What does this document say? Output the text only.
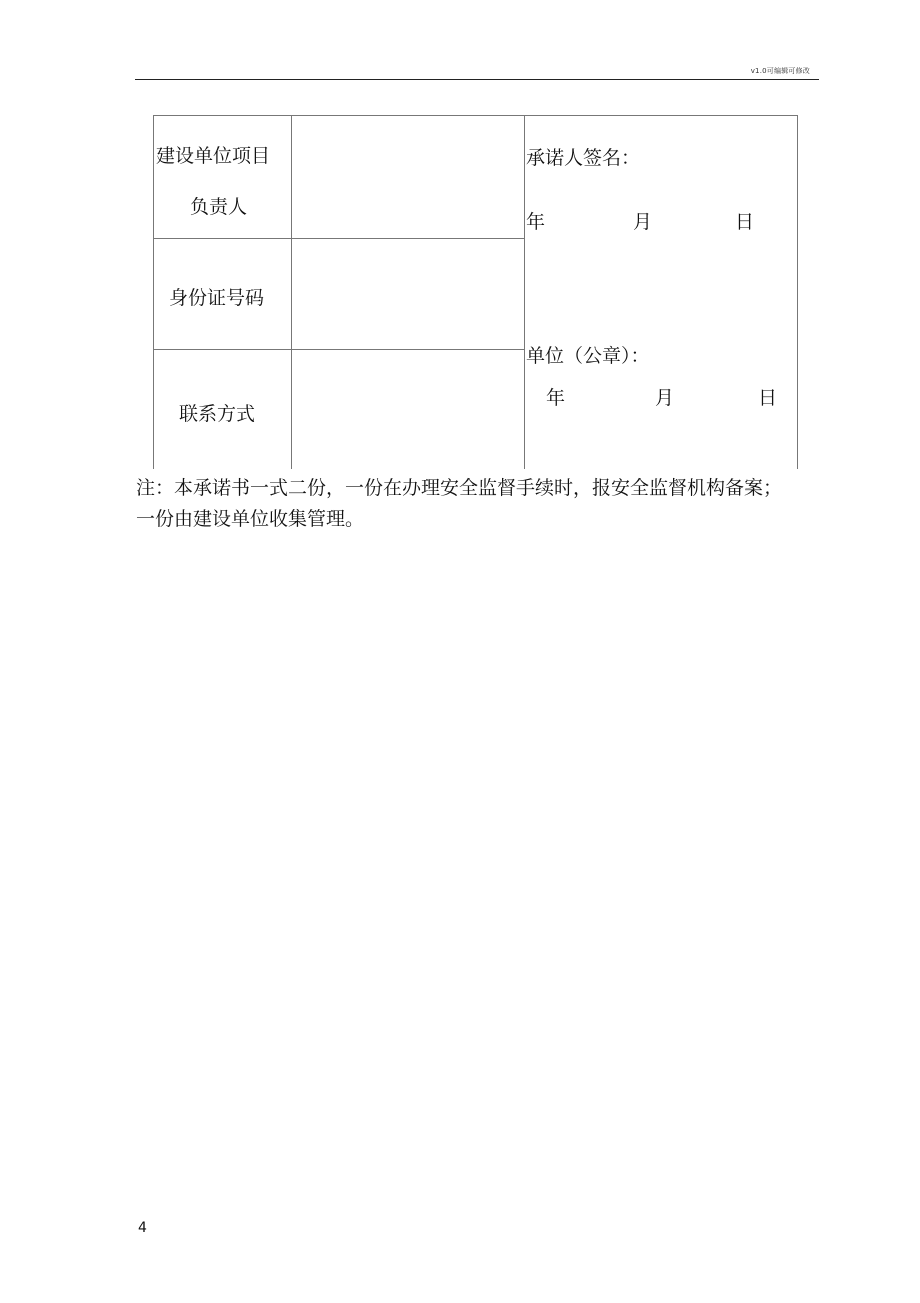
v1.0可编辑可修改
建设单位项目
负责人
身份证号码
联系方式
承诺人签名：
年	月	日
单位（公章）：
年	月	日
注：本承诺书一式二份，一份在办理安全监督手续时，报安全监督机构备案；一份由建设单位收集管理。
4
